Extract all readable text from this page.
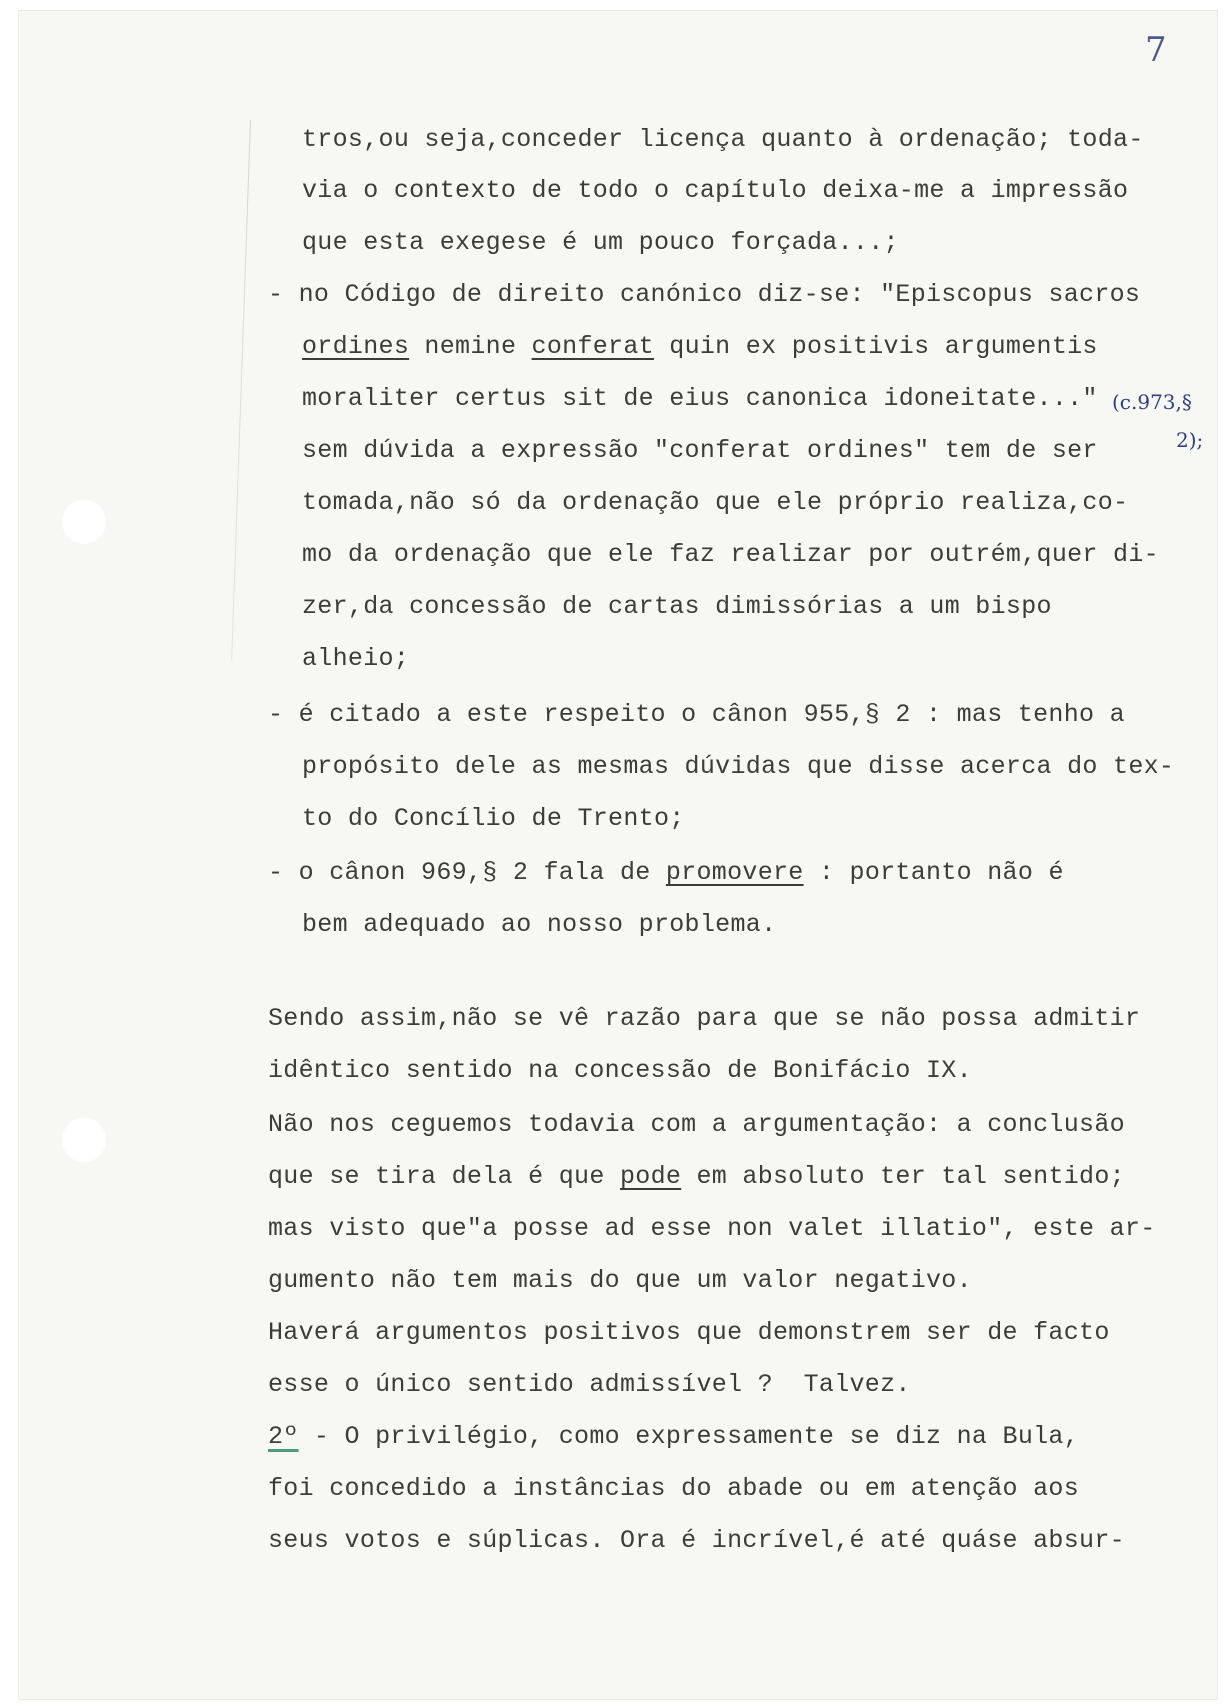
7
tros,ou seja,conceder licença quanto à ordenação; toda-
via o contexto de todo o capítulo deixa-me a impressão
que esta exegese é um pouco forçada...;
- no Código de direito canónico diz-se: "Episcopus sacros
ordines nemine conferat quin ex positivis argumentis
moraliter certus sit de eius canonica idoneitate..." (c.973,§
2);
sem dúvida a expressão "conferat ordines" tem de ser
tomada,não só da ordenação que ele próprio realiza,co-
mo da ordenação que ele faz realizar por outrém,quer di-
zer,da concessão de cartas dimissórias a um bispo
alheio;
- é citado a este respeito o cânon 955,§ 2 : mas tenho a
propósito dele as mesmas dúvidas que disse acerca do tex-
to do Concílio de Trento;
- o cânon 969,§ 2 fala de promovere : portanto não é
bem adequado ao nosso problema.
Sendo assim,não se vê razão para que se não possa admitir
idêntico sentido na concessão de Bonifácio IX.
Não nos ceguemos todavia com a argumentação: a conclusão
que se tira dela é que pode em absoluto ter tal sentido;
mas visto que"a posse ad esse non valet illatio", este ar-
gumento não tem mais do que um valor negativo.
Haverá argumentos positivos que demonstrem ser de facto
esse o único sentido admissível ?  Talvez.
2º - O privilégio, como expressamente se diz na Bula,
foi concedido a instâncias do abade ou em atenção aos
seus votos e súplicas. Ora é incrível,é até quáse absur-
